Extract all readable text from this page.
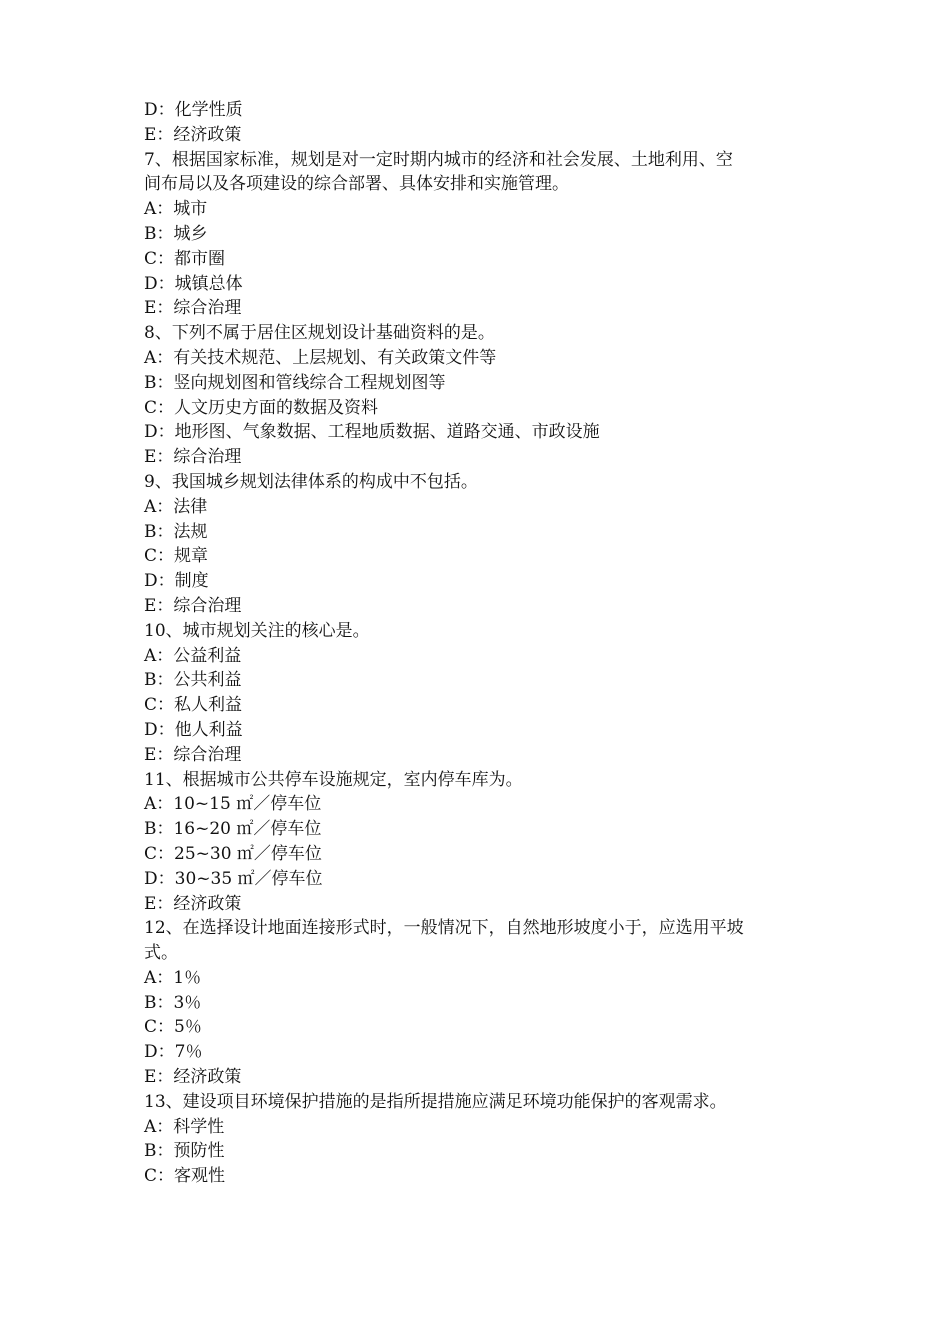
D：化学性质

E：经济政策

7、根据国家标准，规划是对一定时期内城市的经济和社会发展、土地利用、空

间布局以及各项建设的综合部署、具体安排和实施管理。

A：城市

B：城乡

C：都市圈

D：城镇总体

E：综合治理

8、下列不属于居住区规划设计基础资料的是。

A：有关技术规范、上层规划、有关政策文件等

B：竖向规划图和管线综合工程规划图等

C：人文历史方面的数据及资料

D：地形图、气象数据、工程地质数据、道路交通、市政设施

E：综合治理

9、我国城乡规划法律体系的构成中不包括。

A：法律

B：法规

C：规章

D：制度

E：综合治理

10、城市规划关注的核心是。

A：公益利益

B：公共利益

C：私人利益

D：他人利益

E：综合治理

11、根据城市公共停车设施规定，室内停车库为。

A：10~15 ㎡／停车位

B：16~20 ㎡／停车位

C：25~30 ㎡／停车位

D：30~35 ㎡／停车位

E：经济政策

12、在选择设计地面连接形式时，一般情况下，自然地形坡度小于，应选用平坡

式。

A：1％

B：3％

C：5％

D：7％

E：经济政策

13、建设项目环境保护措施的是指所提措施应满足环境功能保护的客观需求。

A：科学性

B：预防性

C：客观性
